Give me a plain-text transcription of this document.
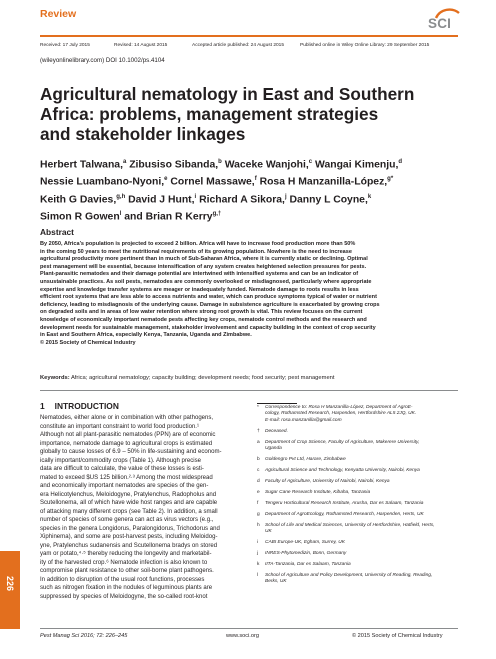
Review
SCI
Received: 17 July 2015	Revised: 14 August 2015	Accepted article published: 24 August 2015	Published online in Wiley Online Library: 29 September 2015
(wileyonlinelibrary.com) DOI 10.1002/ps.4104
Agricultural nematology in East and Southern
Africa: problems, management strategies
and stakeholder linkages
Herbert Talwana,$^a$ Zibusiso Sibanda,$^b$ Waceke Wanjohi,$^c$ Wangai Kimenju,$^d$
Nessie Luambano-Nyoni,$^e$ Cornel Massawe,$^f$ Rosa H Manzanilla-López,$^{g*}$
Keith G Davies,$^{g,h}$ David J Hunt,$^i$ Richard A Sikora,$^j$ Danny L Coyne,$^k$
Simon R Gowen$^l$ and Brian R Kerry$^{g,\dagger}$
Abstract
By 2050, Africa’s population is projected to exceed 2 billion. Africa will have to increase food production more than 50%
in the coming 50 years to meet the nutritional requirements of its growing population. Nowhere is the need to increase
agricultural productivity more pertinent than in much of Sub-Saharan Africa, where it is currently static or declining. Optimal
pest management will be essential, because intensification of any system creates heightened selection pressures for pests.
Plant-parasitic nematodes and their damage potential are intertwined with intensified systems and can be an indicator of
unsustainable practices. As soil pests, nematodes are commonly overlooked or misdiagnosed, particularly where appropriate
expertise and knowledge transfer systems are meager or inadequately funded. Nematode damage to roots results in less
efficient root systems that are less able to access nutrients and water, which can produce symptoms typical of water or nutrient
deficiency, leading to misdiagnosis of the underlying cause. Damage in subsistence agriculture is exacerbated by growing crops
on degraded soils and in areas of low water retention where strong root growth is vital. This review focuses on the current
knowledge of economically important nematode pests affecting key crops, nematode control methods and the research and
development needs for sustainable management, stakeholder involvement and capacity building in the context of crop security
in East and Southern Africa, especially Kenya, Tanzania, Uganda and Zimbabwe.
© 2015 Society of Chemical Industry
Keywords: Africa; agricultural nematology; capacity building; development needs; food security; pest management
1 INTRODUCTION
Nematodes, either alone or in combination with other pathogens,
constitute an important constraint to world food production.¹
Although not all plant-parasitic nematodes (PPN) are of economic
importance, nematode damage to agricultural crops is estimated
globally to cause losses of 6.9 – 50% in life-sustaining and econom-
ically important/commodity crops (Table 1). Although precise
data are difficult to calculate, the value of these losses is esti-
mated to exceed $US 125 billion.²·³ Among the most widespread
and economically important nematodes are species of the gen-
era Helicotylenchus, Meloidogyne, Pratylenchus, Radopholus and
Scutellonema, all of which have wide host ranges and are capable
of attacking many different crops (see Table 2). In addition, a small
number of species of some genera can act as virus vectors (e.g.,
species in the genera Longidorus, Paralongidorus, Trichodorus and
Xiphinema), and some are post-harvest pests, including Meloidog-
yne, Pratylenchus sudanensis and Scutellonema bradys on stored
yam or potato,⁴·⁵ thereby reducing the longevity and marketabil-
ity of the harvested crop.⁶ Nematode infection is also known to
compromise plant resistance to other soil-borne plant pathogens.
In addition to disruption of the usual root functions, processes
such as nitrogen fixation in the nodules of leguminous plants are
suppressed by species of Meloidogyne, the so-called root-knot
*	Correspondence to: Rosa H Manzanilla-López, Department of AgroE-
cology, Rothamsted Research, Harpenden, Hertfordshire AL5 2JQ, UK.
E-mail: rosa.manzanilla@gmail.com
†	Deceased.
a	Department of Crop Science, Faculty of Agriculture, Makerere University,
Uganda
b	Goldengro Pvt Ltd, Harare, Zimbabwe
c	Agricultural Science and Technology, Kenyatta University, Nairobi, Kenya
d	Faculty of Agriculture, University of Nairobi, Nairobi, Kenya
e	Sugar Cane Research Institute, Kibaha, Tanzania
f	Tengeru Horticultural Research Institute, Arusha, Dar es Salaam, Tanzania
g	Department of AgroEcology, Rothamsted Research, Harpenden, Herts, UK
h	School of Life and Medical Sciences, University of Hertfordshire, Hatfield, Herts,
UK
i	CABI Europe-UK, Egham, Surrey, UK
j	INRES-Phytomedizin, Bonn, Germany
k	IITA-Tanzania, Dar es Salaam, Tanzania
l	School of Agriculture and Policy Development, University of Reading, Reading,
Berks, UK
226
Pest Manag Sci 2016; 72: 226–245	www.soci.org	© 2015 Society of Chemical Industry
